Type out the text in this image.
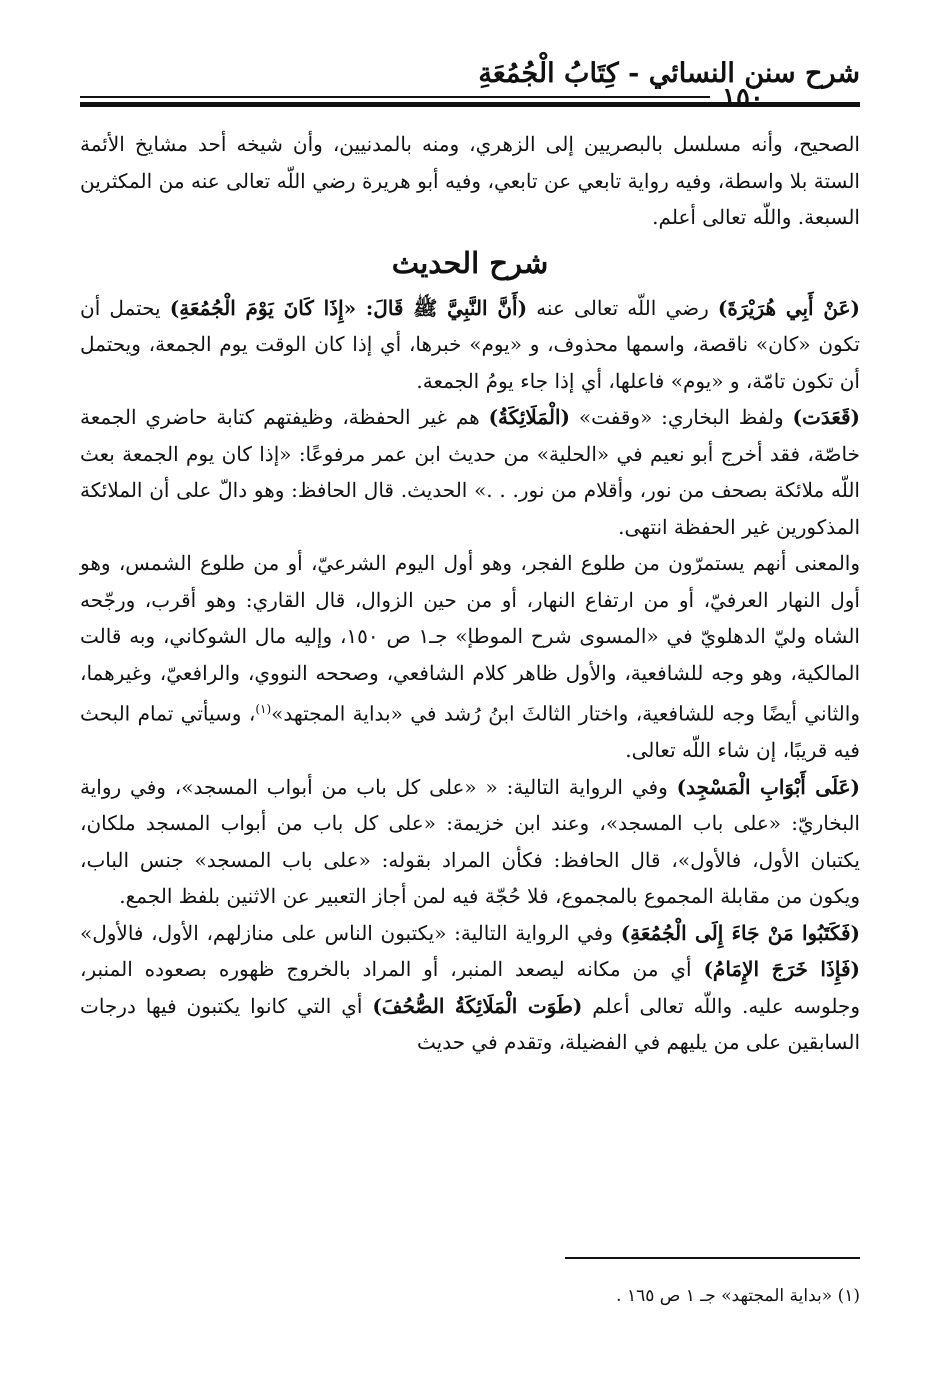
شرح سنن النسائي - كِتَابُ الْجُمُعَةِ
١٥٠

الصحيح، وأنه مسلسل بالبصريين إلى الزهري، ومنه بالمدنيين، وأن شيخه أحد مشايخ الأئمة الستة بلا واسطة، وفيه رواية تابعي عن تابعي، وفيه أبو هريرة رضي اللّه تعالى عنه من المكثرين السبعة. واللّه تعالى أعلم.

شرح الحديث

(عَنْ أَبِي هُرَيْرَةَ) رضي اللّه تعالى عنه (أَنَّ النَّبِيَّ ﷺ قَالَ: «إِذَا كَانَ يَوْمَ الْجُمُعَةِ) يحتمل أن تكون «كان» ناقصة، واسمها محذوف، و «يوم» خبرها، أي إذا كان الوقت يوم الجمعة، ويحتمل أن تكون تامّة، و «يوم» فاعلها، أي إذا جاء يومُ الجمعة.

(قَعَدَت) ولفظ البخاري: «وقفت» (الْمَلَائِكَةُ) هم غير الحفظة، وظيفتهم كتابة حاضري الجمعة خاصّة، فقد أخرج أبو نعيم في «الحلية» من حديث ابن عمر مرفوعًا: «إذا كان يوم الجمعة بعث اللّه ملائكة بصحف من نور، وأقلام من نور. . .» الحديث. قال الحافظ: وهو دالّ على أن الملائكة المذكورين غير الحفظة انتهى.

والمعنى أنهم يستمرّون من طلوع الفجر، وهو أول اليوم الشرعيّ، أو من طلوع الشمس، وهو أول النهار العرفيّ، أو من ارتفاع النهار، أو من حين الزوال، قال القاري: وهو أقرب، ورجّحه الشاه وليّ الدهلويّ في «المسوى شرح الموطإ» جـ١ ص ١٥٠، وإليه مال الشوكاني، وبه قالت المالكية، وهو وجه للشافعية، والأول ظاهر كلام الشافعي، وصححه النووي، والرافعيّ، وغيرهما، والثاني أيضًا وجه للشافعية، واختار الثالثَ ابنُ رُشد في «بداية المجتهد»$^{(١)}$، وسيأتي تمام البحث فيه قريبًا، إن شاء اللّه تعالى.

(عَلَى أَبْوَابِ الْمَسْجِد) وفي الرواية التالية: « «على كل باب من أبواب المسجد»، وفي رواية البخاريّ: «على باب المسجد»، وعند ابن خزيمة: «على كل باب من أبواب المسجد ملكان، يكتبان الأول، فالأول»، قال الحافظ: فكأن المراد بقوله: «على باب المسجد» جنس الباب، ويكون من مقابلة المجموع بالمجموع، فلا حُجّة فيه لمن أجاز التعبير عن الاثنين بلفظ الجمع.

(فَكَتَبُوا مَنْ جَاءَ إِلَى الْجُمُعَةِ) وفي الرواية التالية: «يكتبون الناس على منازلهم، الأول، فالأول» (فَإِذَا خَرَجَ الإِمَامُ) أي من مكانه ليصعد المنبر، أو المراد بالخروج ظهوره بصعوده المنبر، وجلوسه عليه. واللّه تعالى أعلم (طَوَت الْمَلَائِكَةُ الصُّحُفَ) أي التي كانوا يكتبون فيها درجات السابقين على من يليهم في الفضيلة، وتقدم في حديث

(١) «بداية المجتهد» جـ ١ ص ١٦٥ .
